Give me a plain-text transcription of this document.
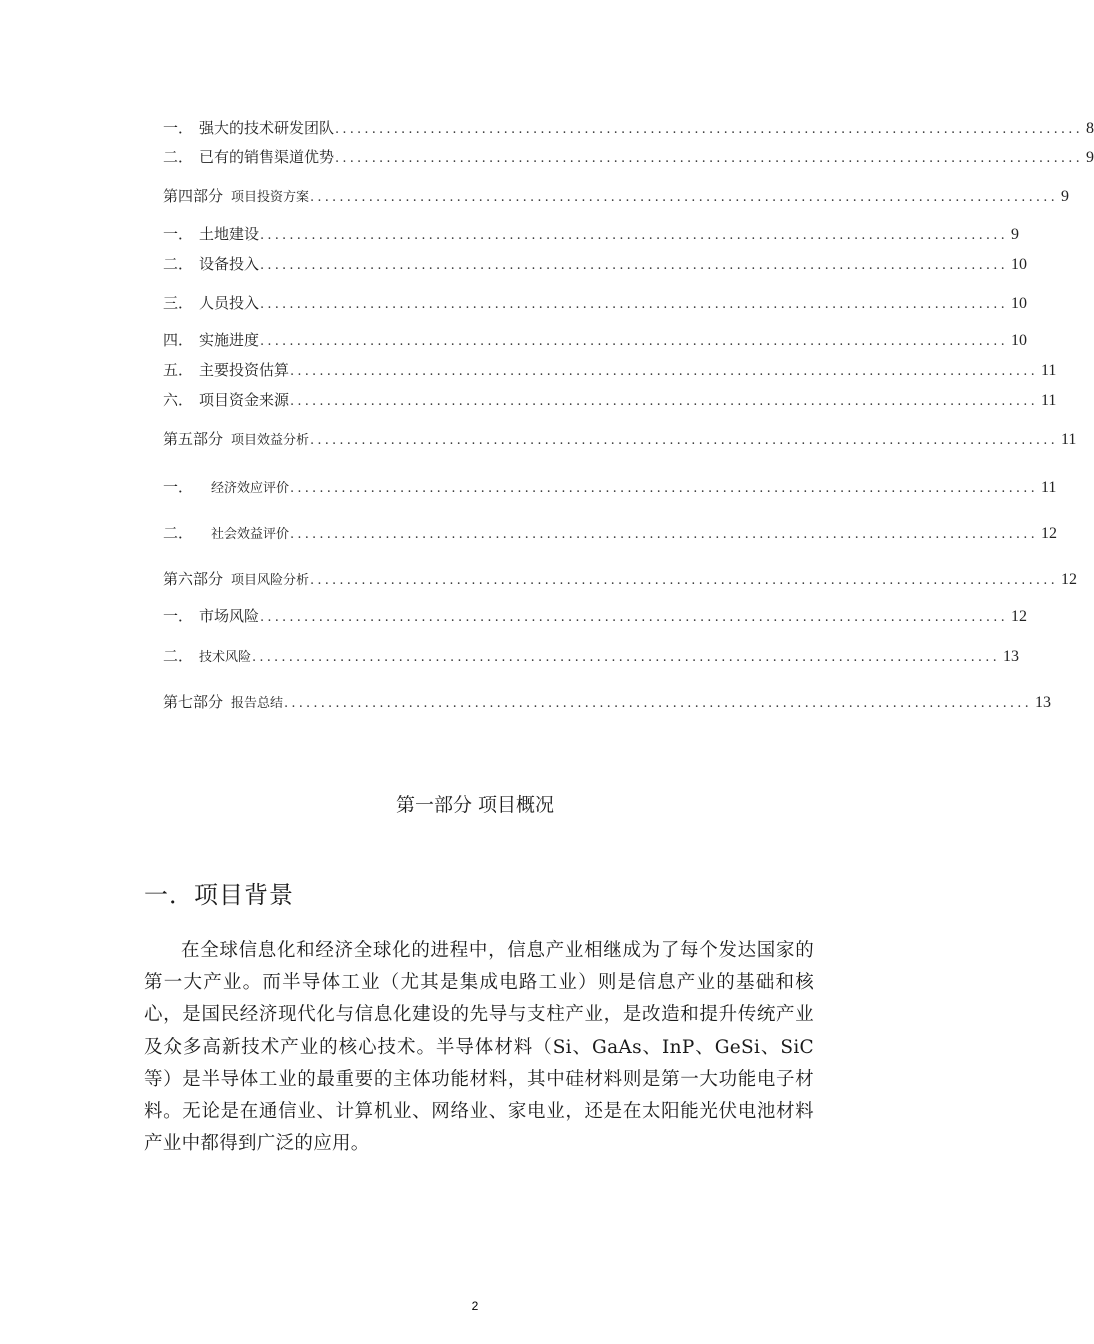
一． 强大的技术研发团队 ...................................................................................................... 8
二． 已有的销售渠道优势 ...................................................................................................... 9
第四部分 项目投资方案 ...................................................................................................... 9
一． 土地建设 ...................................................................................................... 9
二． 设备投入 ...................................................................................................... 10
三． 人员投入 ...................................................................................................... 10
四． 实施进度 ...................................................................................................... 10
五． 主要投资估算 ...................................................................................................... 11
六． 项目资金来源 ...................................................................................................... 11
第五部分 项目效益分析 ...................................................................................................... 11
一． 经济效应评价 ...................................................................................................... 11
二． 社会效益评价 ...................................................................................................... 12
第六部分 项目风险分析 ...................................................................................................... 12
一． 市场风险 ...................................................................................................... 12
二． 技术风险 ...................................................................................................... 13
第七部分 报告总结 ...................................................................................................... 13
第一部分 项目概况
一．项目背景

在全球信息化和经济全球化的进程中，信息产业相继成为了每个发达国家的第一大产业。而半导体工业（尤其是集成电路工业）则是信息产业的基础和核心，是国民经济现代化与信息化建设的先导与支柱产业，是改造和提升传统产业及众多高新技术产业的核心技术。半导体材料（Si、GaAs、InP、GeSi、SiC 等）是半导体工业的最重要的主体功能材料，其中硅材料则是第一大功能电子材料。无论是在通信业、计算机业、网络业、家电业，还是在太阳能光伏电池材料产业中都得到广泛的应用。

2
